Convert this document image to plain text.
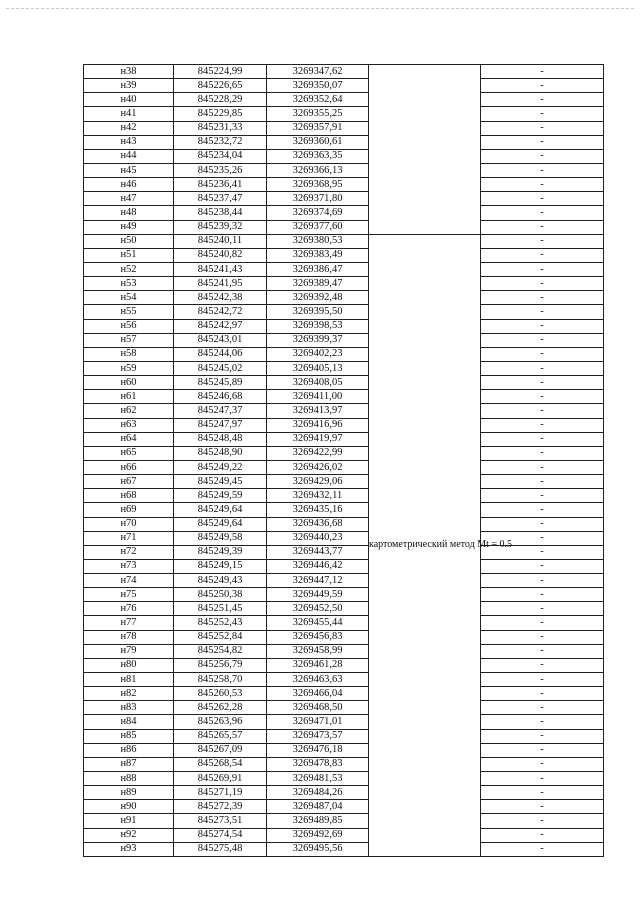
н38	845224,99	3269347,62		-
н39	845226,65	3269350,07		-
н40	845228,29	3269352,64		-
н41	845229,85	3269355,25		-
н42	845231,33	3269357,91		-
н43	845232,72	3269360,61		-
н44	845234,04	3269363,35		-
н45	845235,26	3269366,13		-
н46	845236,41	3269368,95		-
н47	845237,47	3269371,80		-
н48	845238,44	3269374,69		-
н49	845239,32	3269377,60		-
н50	845240,11	3269380,53	картометрический метод Mt = 0.5	-
н51	845240,82	3269383,49		-
н52	845241,43	3269386,47		-
н53	845241,95	3269389,47		-
н54	845242,38	3269392,48		-
н55	845242,72	3269395,50		-
н56	845242,97	3269398,53		-
н57	845243,01	3269399,37		-
н58	845244,06	3269402,23		-
н59	845245,02	3269405,13		-
н60	845245,89	3269408,05		-
н61	845246,68	3269411,00		-
н62	845247,37	3269413,97		-
н63	845247,97	3269416,96		-
н64	845248,48	3269419,97		-
н65	845248,90	3269422,99		-
н66	845249,22	3269426,02		-
н67	845249,45	3269429,06		-
н68	845249,59	3269432,11		-
н69	845249,64	3269435,16		-
н70	845249,64	3269436,68		-
н71	845249,58	3269440,23		-
н72	845249,39	3269443,77		-
н73	845249,15	3269446,42		-
н74	845249,43	3269447,12		-
н75	845250,38	3269449,59		-
н76	845251,45	3269452,50		-
н77	845252,43	3269455,44		-
н78	845252,84	3269456,83		-
н79	845254,82	3269458,99		-
н80	845256,79	3269461,28		-
н81	845258,70	3269463,63		-
н82	845260,53	3269466,04		-
н83	845262,28	3269468,50		-
н84	845263,96	3269471,01		-
н85	845265,57	3269473,57		-
н86	845267,09	3269476,18		-
н87	845268,54	3269478,83		-
н88	845269,91	3269481,53		-
н89	845271,19	3269484,26		-
н90	845272,39	3269487,04		-
н91	845273,51	3269489,85		-
н92	845274,54	3269492,69		-
н93	845275,48	3269495,56		-
